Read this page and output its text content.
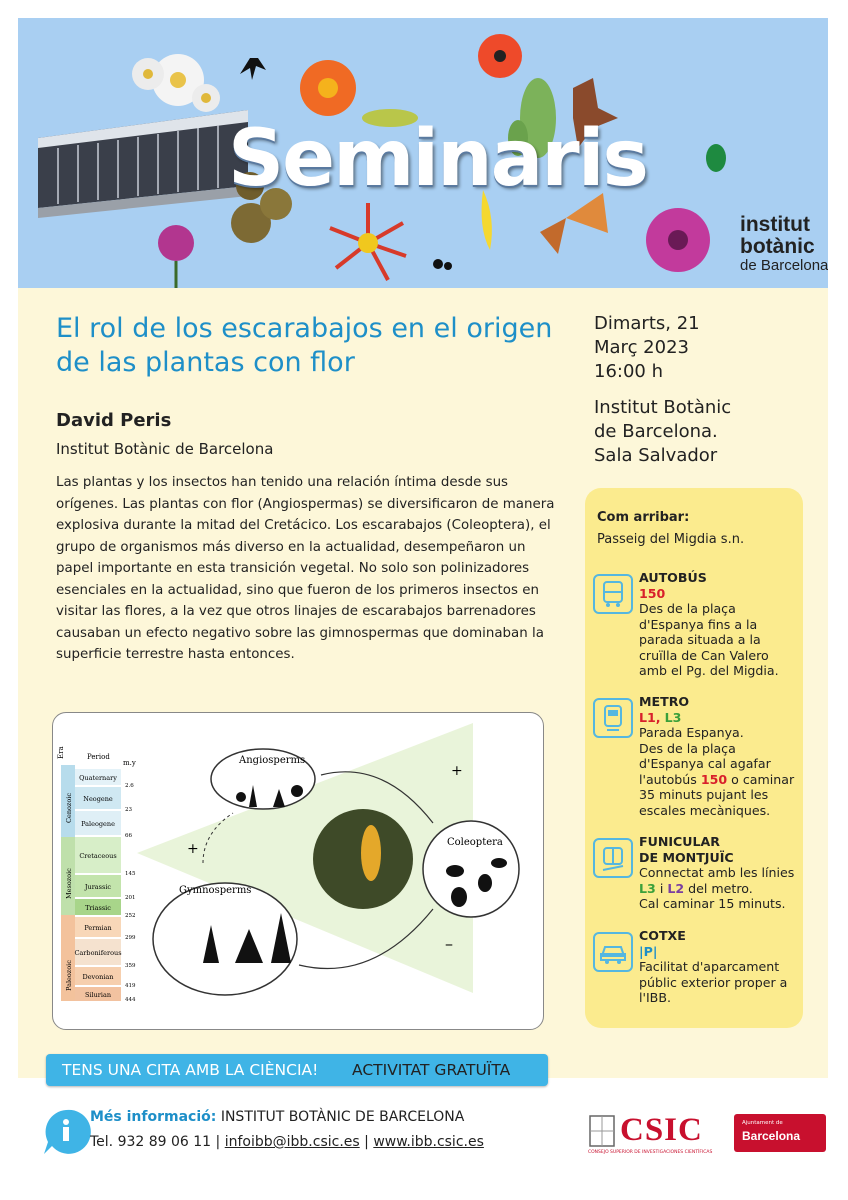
Seminaris
institut
botànic
de Barcelona
El rol de los escarabajos en el origen de las plantas con flor
David Peris
Institut Botànic de Barcelona
Las plantas y los insectos han tenido una relación íntima desde sus orígenes. Las plantas con flor (Angiospermas) se diversificaron de manera explosiva durante la mitad del Cretácico. Los escarabajos (Coleoptera), el grupo de organismos más diverso en la actualidad, desempeñaron un papel importante en esta transición vegetal. No solo son polinizadores esenciales en la actualidad, sino que fueron de los primeros insectos en visitar las flores, a la vez que otros linajes de escarabajos barrenadores causaban un efecto negativo sobre las gimnospermas que dominaban la superficie terrestre hasta entonces.
Dimarts, 21
Març 2023
16:00 h
Institut Botànic
de Barcelona.
Sala Salvador
Com arribar:
Passeig del Migdia s.n.
AUTOBÚS
150
Des de la plaça d'Espanya fins a la parada situada a la cruïlla de Can Valero amb el Pg. del Migdia.
METRO
L1, L3
Parada Espanya.
Des de la plaça d'Espanya cal agafar l'autobús 150 o caminar 35 minuts pujant les escales mecàniques.
FUNICULAR
DE MONTJUÏC
Connectat amb les línies
L3 i L2 del metro.
Cal caminar 15 minuts.
COTXE
|P|
Facilitat d'aparcament públic exterior proper a l'IBB.
Era	Period
m.y
Cenozoic
Mesozoic
Paleozoic
Quaternary
Neogene
Paleogene
Cretaceous
Jurassic
Triassic
Permian
Carboniferous
Devonian
Silurian
2.6
23
66
145
201
252
299
359
419
444
Angiosperms
Gymnosperms
Coleoptera
+
+
–
TENS UNA CITA AMB LA CIÈNCIA! ACTIVITAT GRATUÏTA
Més informació: INSTITUT BOTÀNIC DE BARCELONA
Tel. 932 89 06 11 | infoibb@ibb.csic.es | www.ibb.csic.es	CSIC
CONSEJO SUPERIOR DE INVESTIGACIONES CIENTÍFICAS
Ajuntament de
Barcelona
